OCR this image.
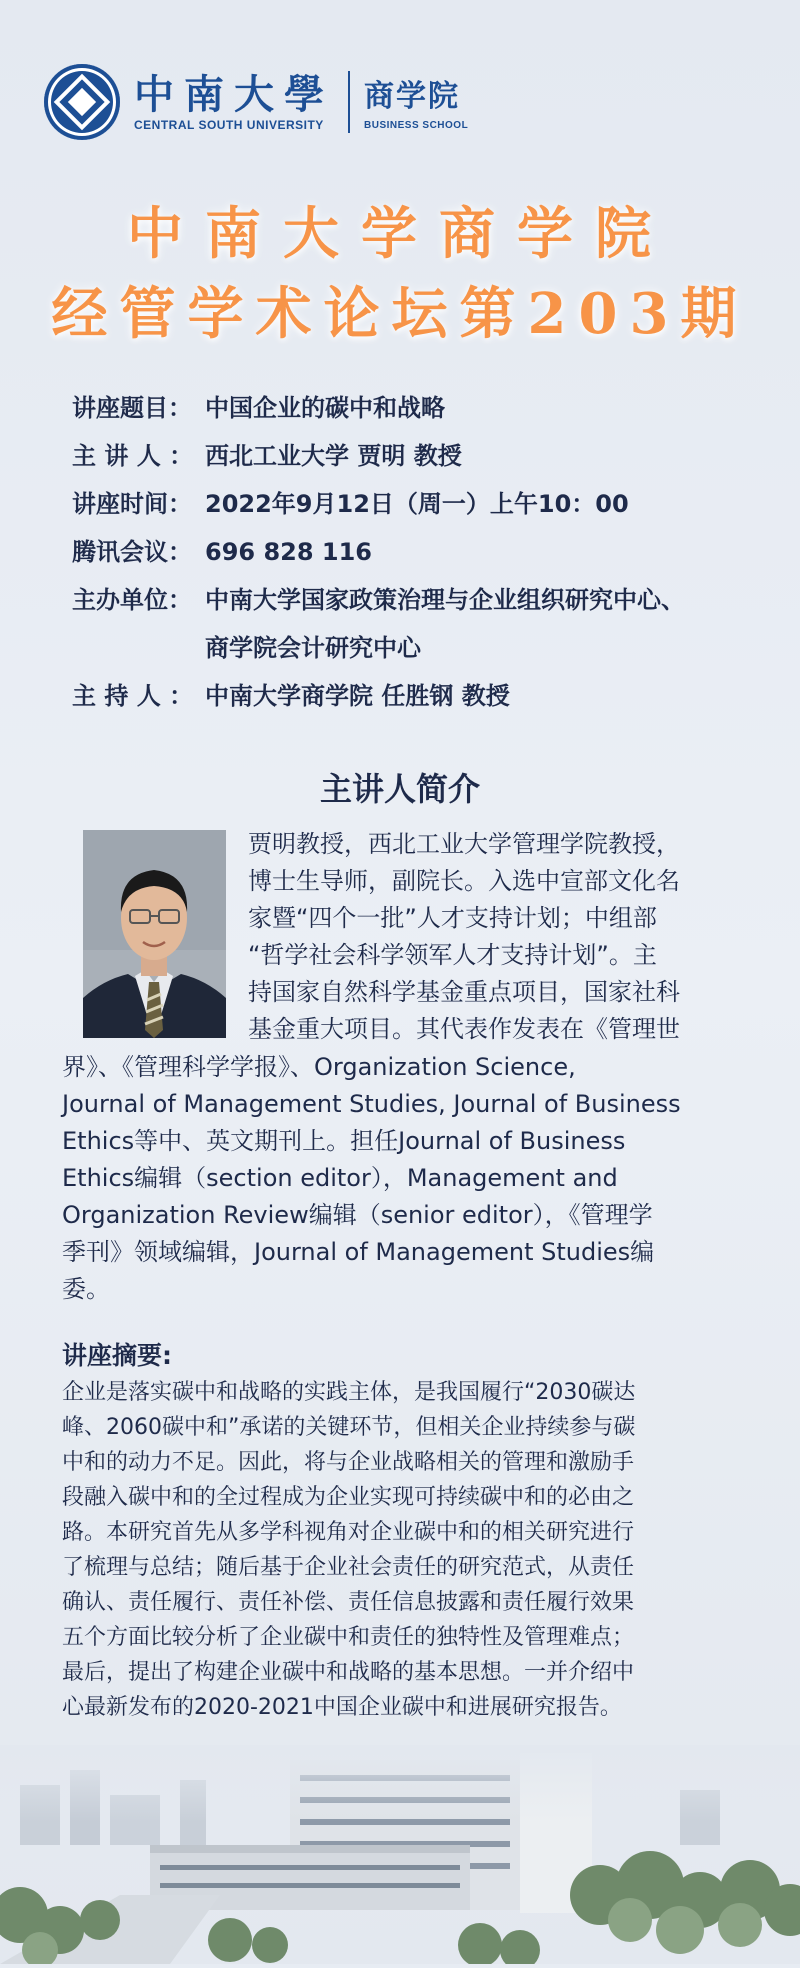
中南大學
CENTRAL SOUTH UNIVERSITY
商学院
BUSINESS SCHOOL
中南大学商学院
经管学术论坛第203期
讲座题目： 中国企业的碳中和战略
主 讲 人 ： 西北工业大学 贾明 教授
讲座时间： 2022年9月12日（周一）上午10：00
腾讯会议： 696 828 116
主办单位： 中南大学国家政策治理与企业组织研究中心、
商学院会计研究中心
主 持 人 ： 中南大学商学院 任胜钢 教授
主讲人简介
贾明教授，西北工业大学管理学院教授，
博士生导师，副院长。入选中宣部文化名
家暨“四个一批”人才支持计划；中组部
“哲学社会科学领军人才支持计划”。主
持国家自然科学基金重点项目，国家社科
基金重大项目。其代表作发表在《管理世
界》、《管理科学学报》、Organization Science,
Journal of Management Studies, Journal of Business
Ethics等中、英文期刊上。担任Journal of Business
Ethics编辑（section editor），Management and
Organization Review编辑（senior editor），《管理学
季刊》领域编辑，Journal of Management Studies编
委。
讲座摘要:
企业是落实碳中和战略的实践主体，是我国履行“2030碳达
峰、2060碳中和”承诺的关键环节，但相关企业持续参与碳
中和的动力不足。因此，将与企业战略相关的管理和激励手
段融入碳中和的全过程成为企业实现可持续碳中和的必由之
路。本研究首先从多学科视角对企业碳中和的相关研究进行
了梳理与总结；随后基于企业社会责任的研究范式，从责任
确认、责任履行、责任补偿、责任信息披露和责任履行效果
五个方面比较分析了企业碳中和责任的独特性及管理难点；
最后，提出了构建企业碳中和战略的基本思想。一并介绍中
心最新发布的2020-2021中国企业碳中和进展研究报告。
